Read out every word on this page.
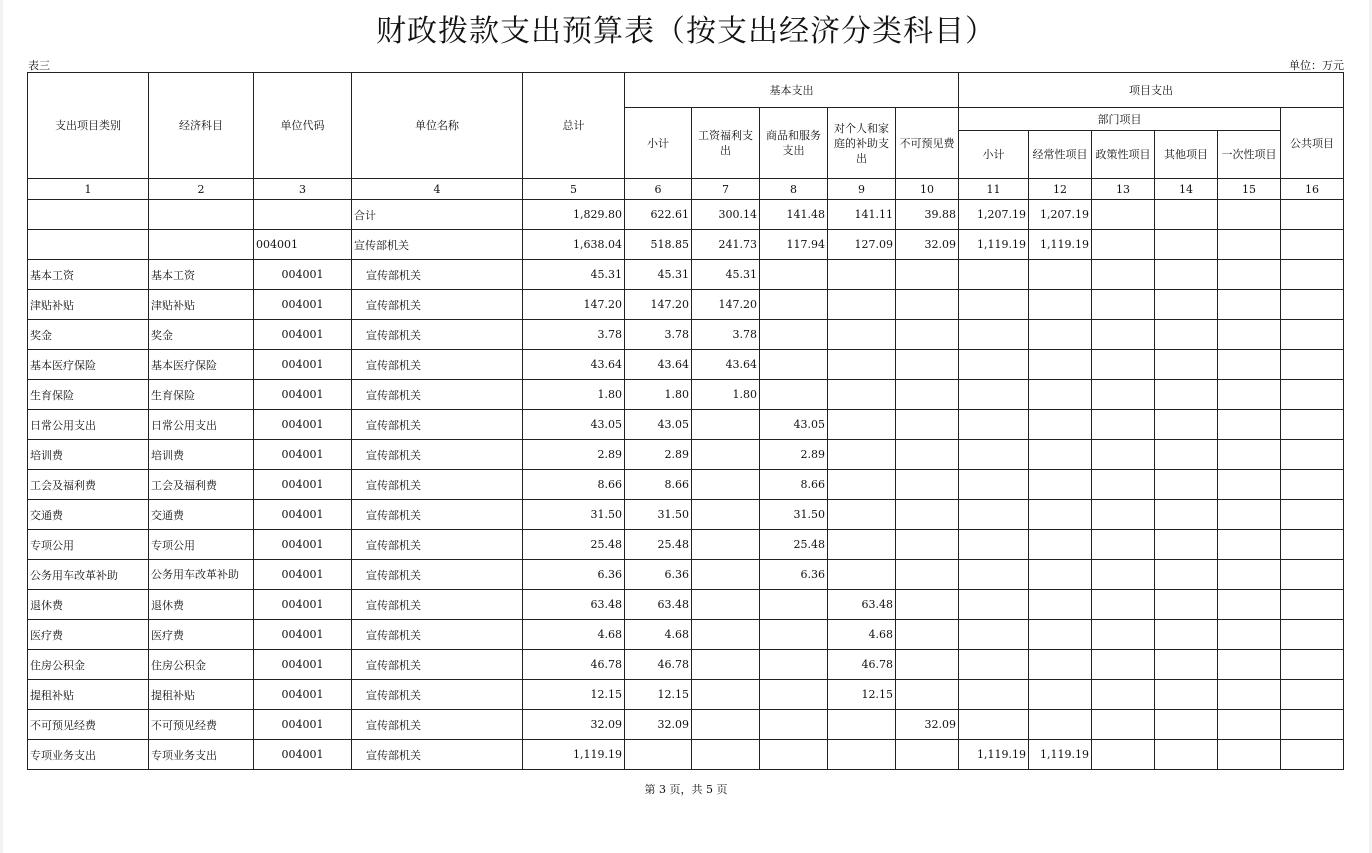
财政拨款支出预算表（按支出经济分类科目）
表三	单位：万元
支出项目类别	经济科目	单位代码	单位名称	总计	基本支出					项目支出					
					小计	工资福利支出	商品和服务支出	对个人和家庭的补助支出	不可预见费	部门项目					公共项目
										小计	经常性项目	政策性项目	其他项目	一次性项目	
1	2	3	4	5	6	7	8	9	10	11	12	13	14	15	16
			合计	1,829.80	622.61	300.14	141.48	141.11	39.88	1,207.19	1,207.19				
		004001	宣传部机关	1,638.04	518.85	241.73	117.94	127.09	32.09	1,119.19	1,119.19				
基本工资	基本工资	004001	宣传部机关	45.31	45.31	45.31									
津贴补贴	津贴补贴	004001	宣传部机关	147.20	147.20	147.20									
奖金	奖金	004001	宣传部机关	3.78	3.78	3.78									
基本医疗保险	基本医疗保险	004001	宣传部机关	43.64	43.64	43.64									
生育保险	生育保险	004001	宣传部机关	1.80	1.80	1.80									
日常公用支出	日常公用支出	004001	宣传部机关	43.05	43.05		43.05								
培训费	培训费	004001	宣传部机关	2.89	2.89		2.89								
工会及福利费	工会及福利费	004001	宣传部机关	8.66	8.66		8.66								
交通费	交通费	004001	宣传部机关	31.50	31.50		31.50								
专项公用	专项公用	004001	宣传部机关	25.48	25.48		25.48								
公务用车改革补助	公务用车改革补助	004001	宣传部机关	6.36	6.36		6.36								
退休费	退休费	004001	宣传部机关	63.48	63.48			63.48							
医疗费	医疗费	004001	宣传部机关	4.68	4.68			4.68							
住房公积金	住房公积金	004001	宣传部机关	46.78	46.78			46.78							
提租补贴	提租补贴	004001	宣传部机关	12.15	12.15			12.15							
不可预见经费	不可预见经费	004001	宣传部机关	32.09	32.09				32.09						
专项业务支出	专项业务支出	004001	宣传部机关	1,119.19						1,119.19	1,119.19				
第 3 页，共 5 页
